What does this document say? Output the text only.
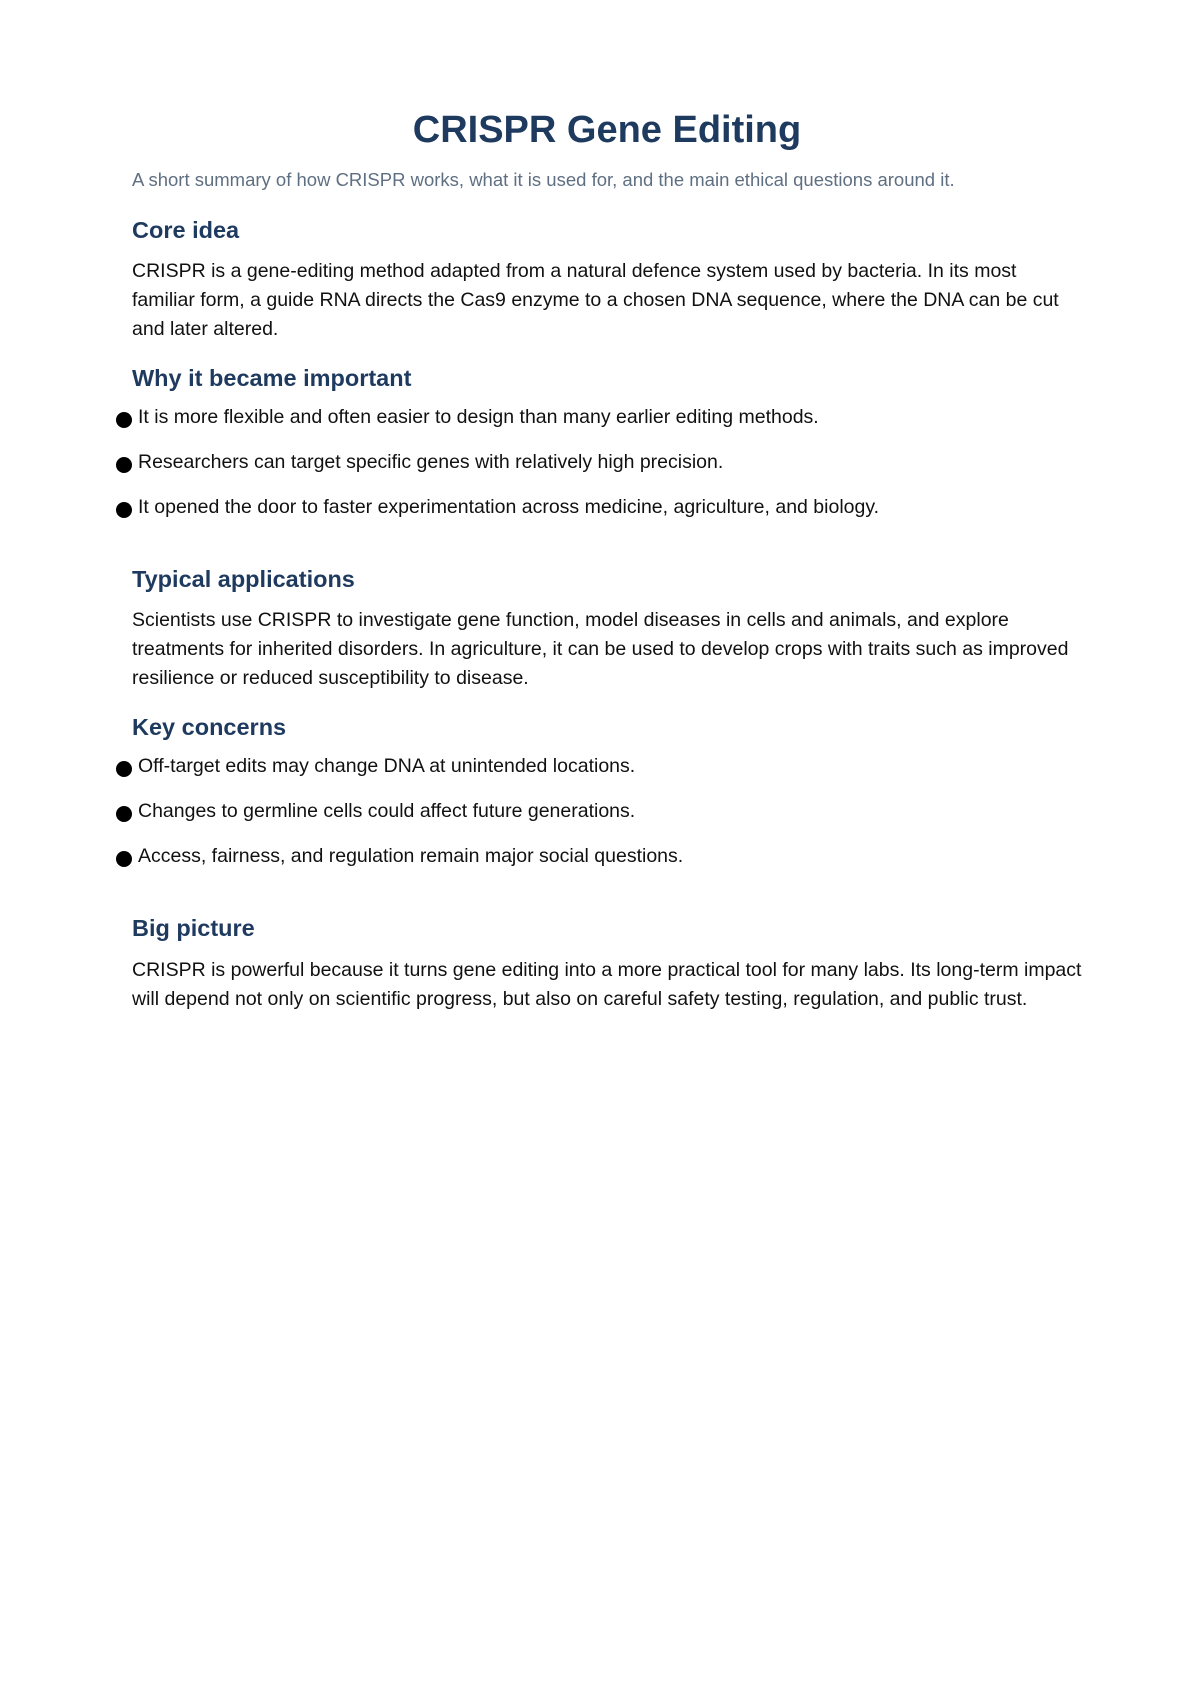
CRISPR Gene Editing

A short summary of how CRISPR works, what it is used for, and the main ethical questions around it.

Core idea

CRISPR is a gene-editing method adapted from a natural defence system used by bacteria. In its most familiar form, a guide RNA directs the Cas9 enzyme to a chosen DNA sequence, where the DNA can be cut and later altered.

Why it became important
It is more flexible and often easier to design than many earlier editing methods.
Researchers can target specific genes with relatively high precision.
It opened the door to faster experimentation across medicine, agriculture, and biology.
Typical applications

Scientists use CRISPR to investigate gene function, model diseases in cells and animals, and explore treatments for inherited disorders. In agriculture, it can be used to develop crops with traits such as improved resilience or reduced susceptibility to disease.

Key concerns
Off-target edits may change DNA at unintended locations.
Changes to germline cells could affect future generations.
Access, fairness, and regulation remain major social questions.
Big picture

CRISPR is powerful because it turns gene editing into a more practical tool for many labs. Its long-term impact will depend not only on scientific progress, but also on careful safety testing, regulation, and public trust.
